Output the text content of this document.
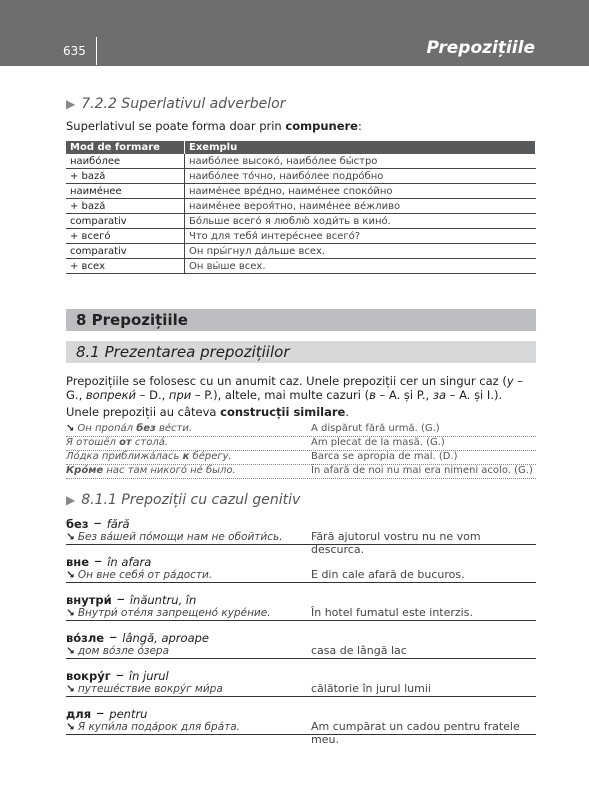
635	Prepozițiile
▶ 7.2.2 Superlativul adverbelor
Superlativul se poate forma doar prin compunere:
Mod de formare	Exemplu
наибо́лее	наибо́лее высоко́, наибо́лее бы́стро
+ bază	наибо́лее то́чно, наибо́лее подро́бно
наиме́нее	наиме́нее вре́дно, наиме́нее споко́йно
+ bază	наиме́нее вероя́тно, наиме́нее ве́жливо
comparativ	Бо́льше всего́ я люблю́ ходи́ть в кино́.
+ всего́	Что для тебя́ интере́снее всего́?
comparativ	Он пры́гнул да́льше всех.
+ всех	Он вы́ше всех.
8 Prepozițiile
8.1 Prezentarea prepozițiilor
Prepozițiile se folosesc cu un anumit caz. Unele prepoziții cer un singur caz (у – G., вопреки́ – D., при – P.), altele, mai multe cazuri (в – A. și P., за – A. și I.).
Unele prepoziții au câteva construcții similare.
↘ Он пропа́л без ве́сти.	A dispărut fără urmă. (G.)
Я отошёл от стола́.	Am plecat de la masă. (G.)
Ло́дка приближа́лась к бе́регу.	Barca se apropia de mal. (D.)
Кро́ме нас там никого́ не́ было.	În afară de noi nu mai era nimeni acolo. (G.)
▶ 8.1.1 Prepoziții cu cazul genitiv
без – fără
↘ Без ва́шей по́мощи нам не обойти́сь.	Fără ajutorul vostru nu ne vom descurca.
вне – în afara
↘ Он вне себя́ от ра́дости.	E din cale afară de bucuros.
внутри́ – înăuntru, în
↘ Внутри́ оте́ля запрещено́ куре́ние.	În hotel fumatul este interzis.
во́зле – lângă, aproape
↘ дом во́зле о́зера	casa de lângă lac
вокру́г – în jurul
↘ путеше́ствие вокру́г ми́ра	călătorie în jurul lumii
для – pentru
↘ Я купи́ла пода́рок для бра́та.	Am cumpărat un cadou pentru fratele meu.
